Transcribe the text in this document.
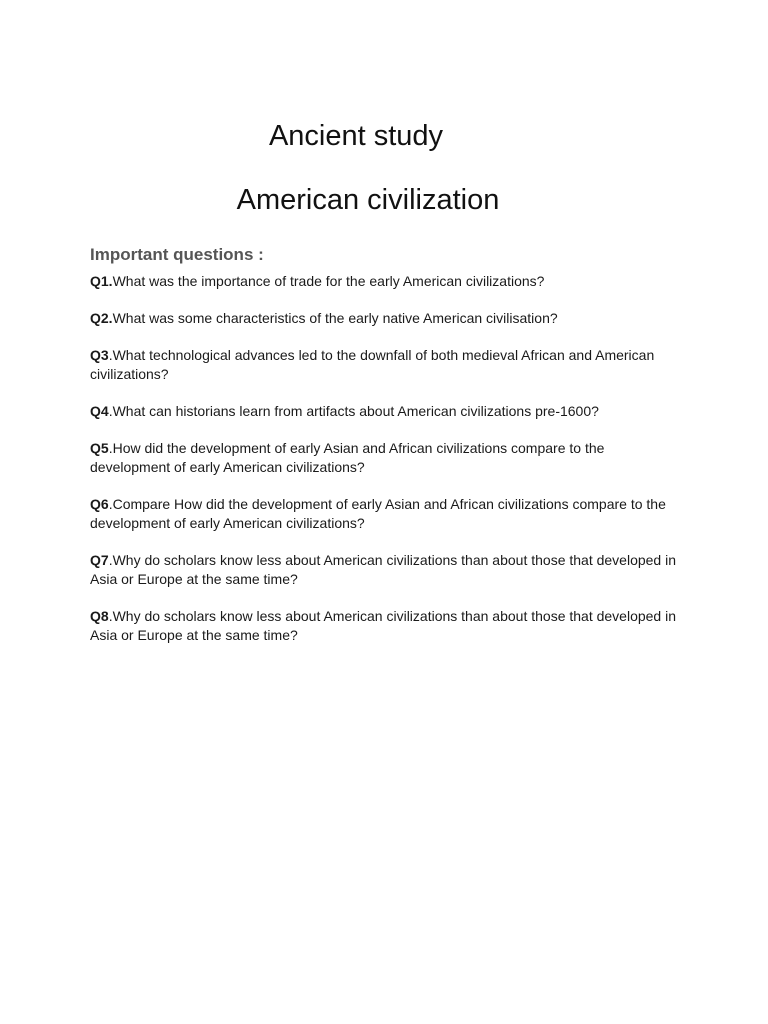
Ancient study
American civilization
Important questions :
Q1.What was the importance of trade for the early American civilizations?
Q2.What was some characteristics of the early native American civilisation?
Q3.What technological advances led to the downfall of both medieval African and American civilizations?
Q4.What can historians learn from artifacts about American civilizations pre-1600?
Q5.How did the development of early Asian and African civilizations compare to the development of early American civilizations?
Q6.Compare How did the development of early Asian and African civilizations compare to the development of early American civilizations?
Q7.Why do scholars know less about American civilizations than about those that developed in Asia or Europe at the same time?
Q8.Why do scholars know less about American civilizations than about those that developed in Asia or Europe at the same time?
